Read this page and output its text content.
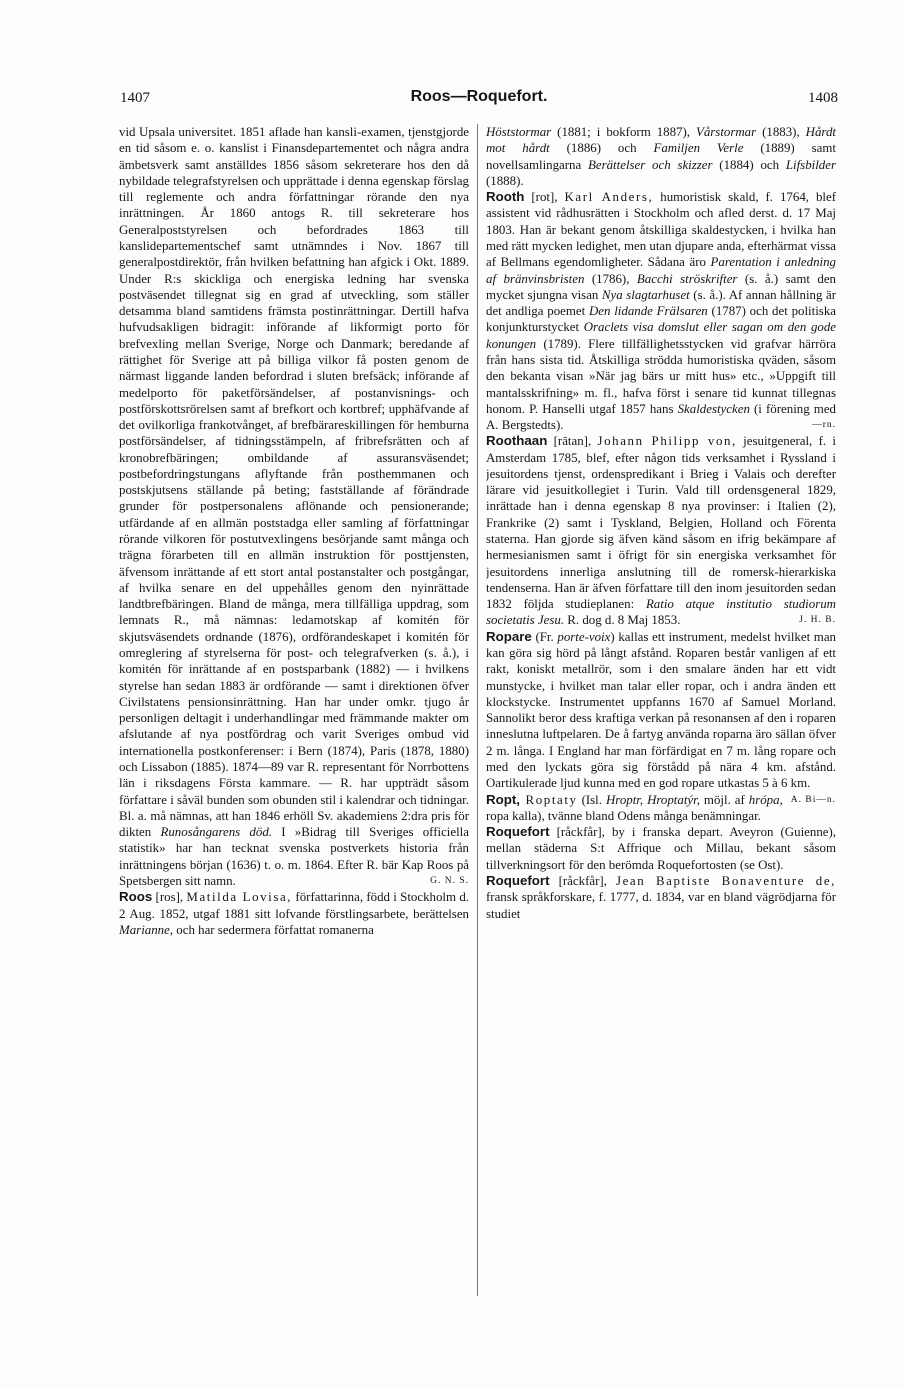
1407	Roos—Roquefort.	1408

vid Upsala universitet. 1851 aflade han kansli-examen, tjenstgjorde en tid såsom e. o. kanslist i Finansdepartementet och några andra ämbetsverk samt anställdes 1856 såsom sekreterare hos den då nybildade telegrafstyrelsen och upprättade i denna egenskap förslag till reglemente och andra författningar rörande den nya inrättningen. År 1860 antogs R. till sekreterare hos Generalpoststyrelsen och befordrades 1863 till kanslidepartementschef samt utnämndes i Nov. 1867 till generalpostdirektör, från hvilken befattning han afgick i Okt. 1889. Under R:s skickliga och energiska ledning har svenska postväsendet tillegnat sig en grad af utveckling, som ställer detsamma bland samtidens främsta postinrättningar. Dertill hafva hufvudsakligen bidragit: införande af likformigt porto för brefvexling mellan Sverige, Norge och Danmark; beredande af rättighet för Sverige att på billiga vilkor få posten genom de närmast liggande landen befordrad i sluten brefsäck; införande af medelporto för paketförsändelser, af postanvisnings- och postförskottsrörelsen samt af brefkort och kortbref; upphäfvande af det ovilkorliga frankotvånget, af brefbärareskillingen för hemburna postförsändelser, af tidningsstämpeln, af fribrefsrätten och af kronobrefbäringen; ombildande af assuransväsendet; postbefordringstungans aflyftande från posthemmanen och postskjutsens ställande på beting; fastställande af förändrade grunder för postpersonalens aflönande och pensionerande; utfärdande af en allmän poststadga eller samling af författningar rörande vilkoren för postutvexlingens besörjande samt många och trägna förarbeten till en allmän instruktion för posttjensten, äfvensom inrättande af ett stort antal postanstalter och postgångar, af hvilka senare en del uppehålles genom den nyinrättade landtbrefbäringen. Bland de många, mera tillfälliga uppdrag, som lemnats R., må nämnas: ledamotskap af komitén för skjutsväsendets ordnande (1876), ordförandeskapet i komitén för omreglering af styrelserna för post- och telegrafverken (s. å.), i komitén för inrättande af en postsparbank (1882) — i hvilkens styrelse han sedan 1883 är ordförande — samt i direktionen öfver Civilstatens pensionsinrättning. Han har under omkr. tjugo år personligen deltagit i underhandlingar med främmande makter om afslutande af nya postfördrag och varit Sveriges ombud vid internationella postkonferenser: i Bern (1874), Paris (1878, 1880) och Lissabon (1885). 1874—89 var R. representant för Norrbottens län i riksdagens Första kammare. — R. har uppträdt såsom författare i såväl bunden som obunden stil i kalendrar och tidningar. Bl. a. må nämnas, att han 1846 erhöll Sv. akademiens 2:dra pris för dikten Runosångarens död. I »Bidrag till Sveriges officiella statistik» har han tecknat svenska postverkets historia från inrättningens början (1636) t. o. m. 1864. Efter R. bär Kap Roos på Spetsbergen sitt namn.	G. N. S.

Roos [ros], Matilda Lovisa, författarinna, född i Stockholm d. 2 Aug. 1852, utgaf 1881 sitt lofvande förstlingsarbete, berättelsen Marianne, och har sedermera författat romanerna

Höststormar (1881; i bokform 1887), Vårstormar (1883), Hårdt mot hårdt (1886) och Familjen Verle (1889) samt novellsamlingarna Berättelser och skizzer (1884) och Lifsbilder (1888).

Rooth [rot], Karl Anders, humoristisk skald, f. 1764, blef assistent vid rådhusrätten i Stockholm och afled derst. d. 17 Maj 1803. Han är bekant genom åtskilliga skaldestycken, i hvilka han med rätt mycken ledighet, men utan djupare anda, efterhärmat vissa af Bellmans egendomligheter. Sådana äro Parentation i anledning af bränvinsbristen (1786), Bacchi ströskrifter (s. å.) samt den mycket sjungna visan Nya slagtarhuset (s. å.). Af annan hållning är det andliga poemet Den lidande Frälsaren (1787) och det politiska konjunkturstycket Oraclets visa domslut eller sagan om den gode konungen (1789). Flere tillfällighetsstycken vid grafvar härröra från hans sista tid. Åtskilliga strödda humoristiska qväden, såsom den bekanta visan »När jag bärs ur mitt hus» etc., »Uppgift till mantalsskrifning» m. fl., hafva först i senare tid kunnat tillegnas honom. P. Hanselli utgaf 1857 hans Skaldestycken (i förening med A. Bergstedts).	—rn.

Roothaan [rātan], Johann Philipp von, jesuitgeneral, f. i Amsterdam 1785, blef, efter någon tids verksamhet i Ryssland i jesuitordens tjenst, ordenspredikant i Brieg i Valais och derefter lärare vid jesuitkollegiet i Turin. Vald till ordensgeneral 1829, inrättade han i denna egenskap 8 nya provinser: i Italien (2), Frankrike (2) samt i Tyskland, Belgien, Holland och Förenta staterna. Han gjorde sig äfven känd såsom en ifrig bekämpare af hermesianismen samt i öfrigt för sin energiska verksamhet för jesuitordens innerliga anslutning till de romersk-hierarkiska tendenserna. Han är äfven författare till den inom jesuitorden sedan 1832 följda studieplanen: Ratio atque institutio studiorum societatis Jesu. R. dog d. 8 Maj 1853.	J. H. B.

Ropare (Fr. porte-voix) kallas ett instrument, medelst hvilket man kan göra sig hörd på långt afstånd. Roparen består vanligen af ett rakt, koniskt metallrör, som i den smalare änden har ett vidt munstycke, i hvilket man talar eller ropar, och i andra änden ett klockstycke. Instrumentet uppfanns 1670 af Samuel Morland. Sannolikt beror dess kraftiga verkan på resonansen af den i roparen inneslutna luftpelaren. De å fartyg använda roparna äro sällan öfver 2 m. långa. I England har man förfärdigat en 7 m. lång ropare och med den lyckats göra sig förstådd på nära 4 km. afstånd. Oartikulerade ljud kunna med en god ropare utkastas 5 à 6 km.
A. Bi—n.

Ropt, Roptaty (Isl. Hroptr, Hroptatýr, möjl. af hrópa, ropa kalla), tvänne bland Odens många benämningar.

Roquefort [råckfår], by i franska depart. Aveyron (Guienne), mellan städerna S:t Affrique och Millau, bekant såsom tillverkningsort för den berömda Roquefortosten (se Ost).

Roquefort [råckfår], Jean Baptiste Bonaventure de, fransk språkforskare, f. 1777, d. 1834, var en bland vägrödjarna för studiet
